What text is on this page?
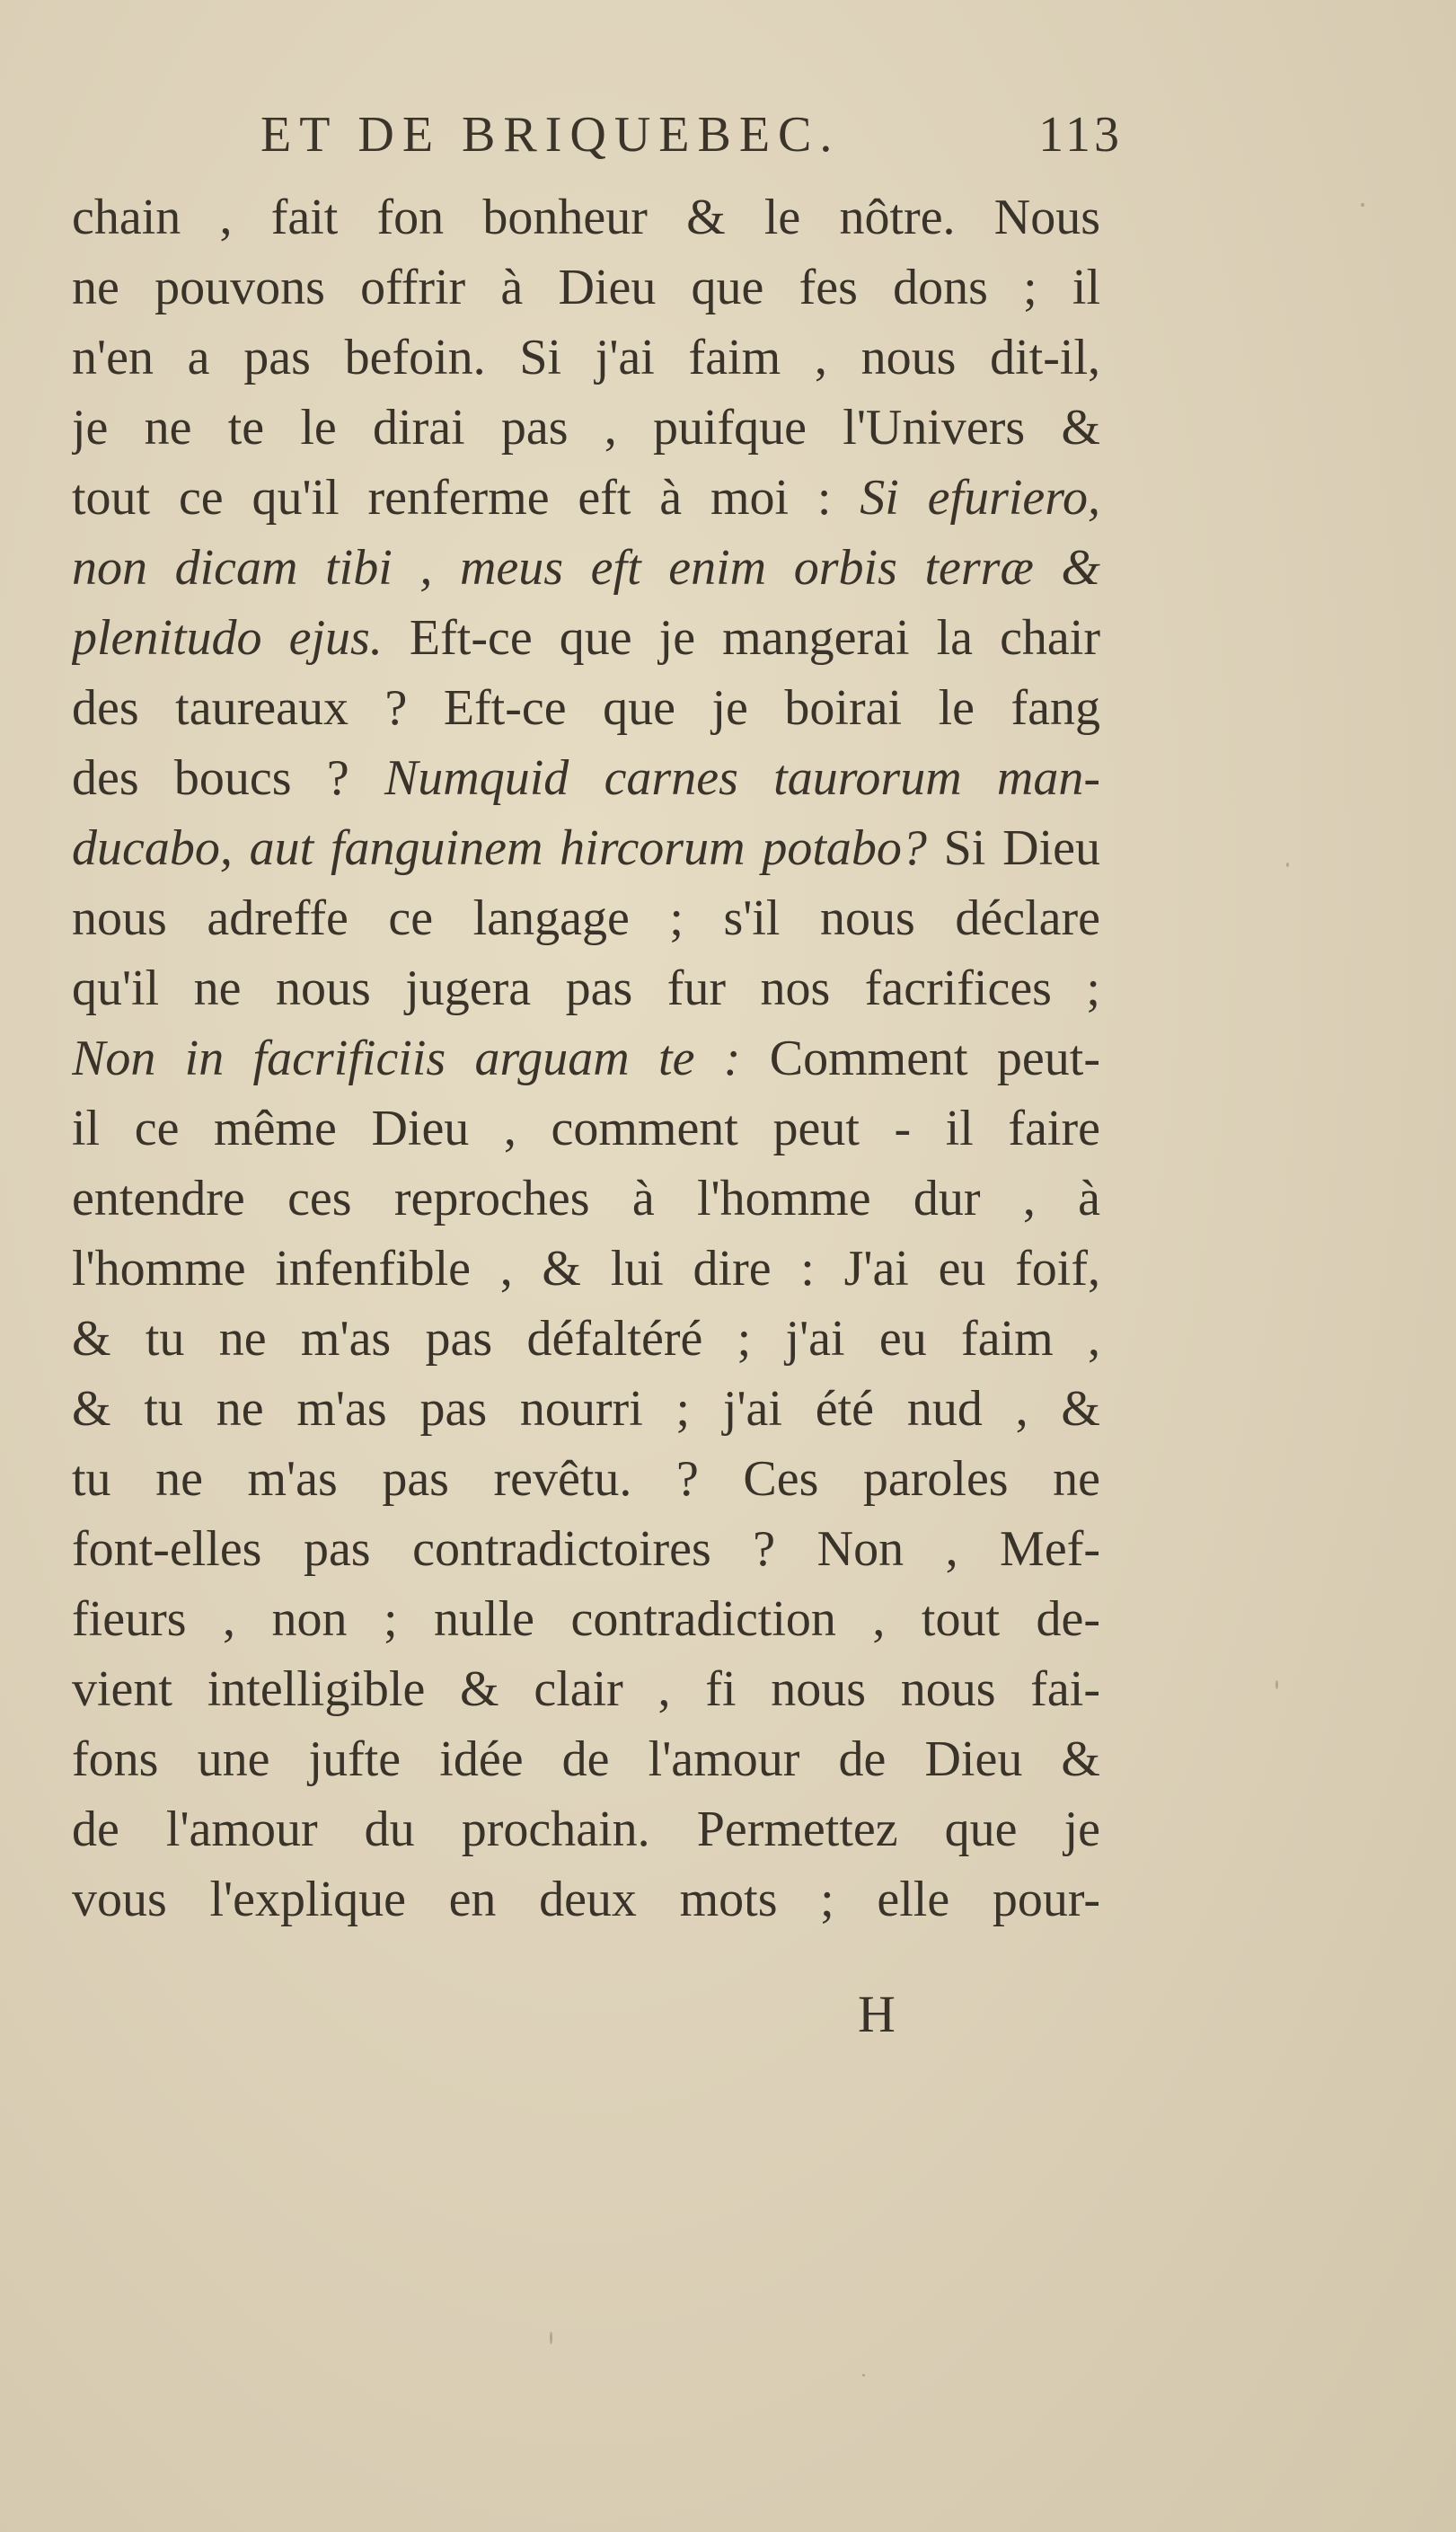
ET DE BRIQUEBEC.	113
chain , fait fon bonheur & le nôtre. Nous
ne pouvons offrir à Dieu que fes dons ; il
n'en a pas befoin. Si j'ai faim , nous dit-il,
je ne te le dirai pas , puifque l'Univers &
tout ce qu'il renferme eft à moi : Si efuriero,
non dicam tibi , meus eft enim orbis terræ &
plenitudo ejus. Eft-ce que je mangerai la chair
des taureaux ? Eft-ce que je boirai le fang
des boucs ? Numquid carnes taurorum man-
ducabo, aut fanguinem hircorum potabo? Si Dieu
nous adreffe ce langage ; s'il nous déclare
qu'il ne nous jugera pas fur nos facrifices ;
Non in facrificiis arguam te : Comment peut-
il ce même Dieu , comment peut - il faire
entendre ces reproches à l'homme dur , à
l'homme infenfible , & lui dire : J'ai eu foif,
& tu ne m'as pas défaltéré ; j'ai eu faim ,
& tu ne m'as pas nourri ; j'ai été nud , &
tu ne m'as pas revêtu. ? Ces paroles ne
font-elles pas contradictoires ? Non , Mef-
fieurs , non ; nulle contradiction , tout de-
vient intelligible & clair , fi nous nous fai-
fons une jufte idée de l'amour de Dieu &
de l'amour du prochain. Permettez que je
vous l'explique en deux mots ; elle pour-
H
